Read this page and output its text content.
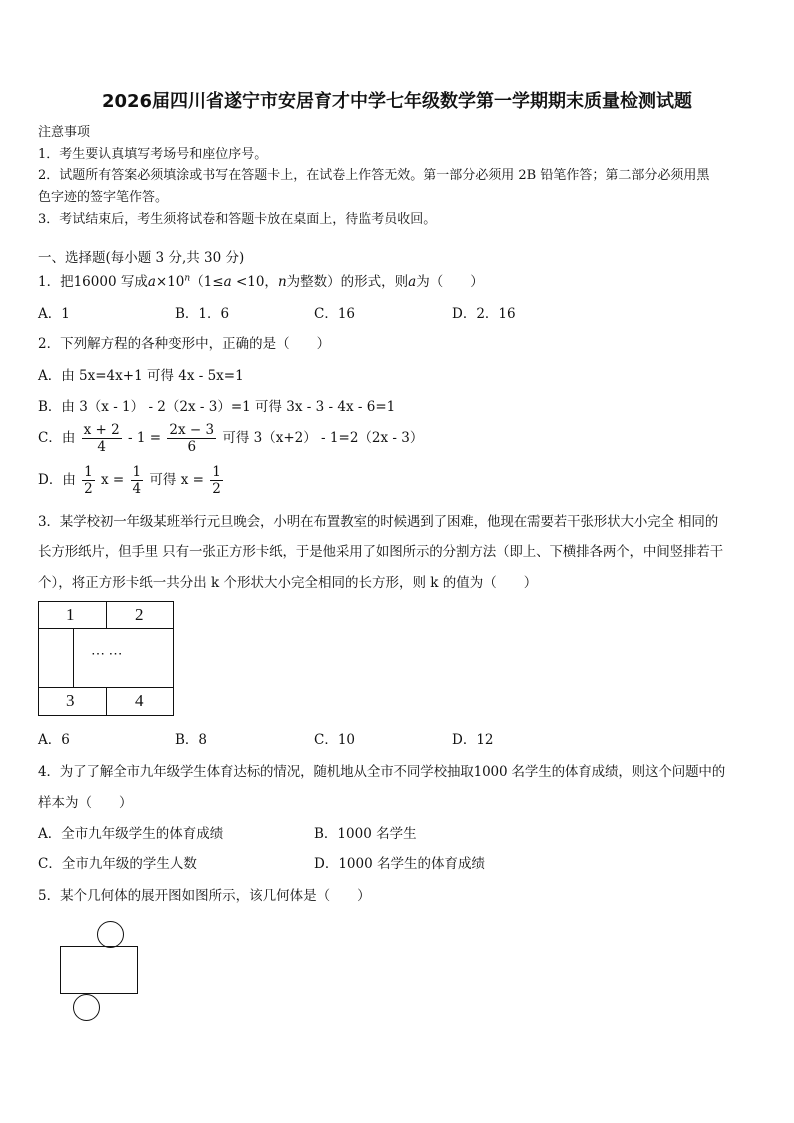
2026届四川省遂宁市安居育才中学七年级数学第一学期期末质量检测试题
注意事项
1．考生要认真填写考场号和座位序号。
2．试题所有答案必须填涂或书写在答题卡上，在试卷上作答无效。第一部分必须用 2B 铅笔作答；第二部分必须用黑
色字迹的签字笔作答。
3．考试结束后，考生须将试卷和答题卡放在桌面上，待监考员收回。
一、选择题(每小题 3 分,共 30 分)
1．把16000 写成$a\times 10^n(1\le a <10$，n为整数）的形式，则a为（　　）
A．1	B．1．6	C．16	D．2．16
2．下列解方程的各种变形中，正确的是（　　）
A．由 5x=4x+1 可得 4x - 5x=1
B．由 3（x - 1） - 2（2x - 3）=1 可得 3x - 3 - 4x - 6=1
C．由 $\frac{x + 2}{4} - 1 = \frac{2x - 3}{6}$ 可得 3（x+2） - 1=2（2x - 3）
D．由 $\frac{1}{2}$ $x = \frac{1}{4}$ 可得 $x = \frac{1}{2}$
3．某学校初一年级某班举行元旦晚会，小明在布置教室的时候遇到了困难，他现在需要若干张形状大小完全 相同的
长方形纸片，但手里 只有一张正方形卡纸，于是他采用了如图所示的分割方法（即上、下横排各两个，中间竖排若干
个），将正方形卡纸一共分出 k 个形状大小完全相同的长方形，则 k 的值为（　　）
1	2
⋯ ⋯
3	4
A．6	B．8	C．10	D．12
4．为了了解全市九年级学生体育达标的情况，随机地从全市不同学校抽取1000 名学生的体育成绩，则这个问题中的
样本为（　　）
A．全市九年级学生的体育成绩	B．1000 名学生
C．全市九年级的学生人数	D．1000 名学生的体育成绩
5．某个几何体的展开图如图所示，该几何体是（　　）
